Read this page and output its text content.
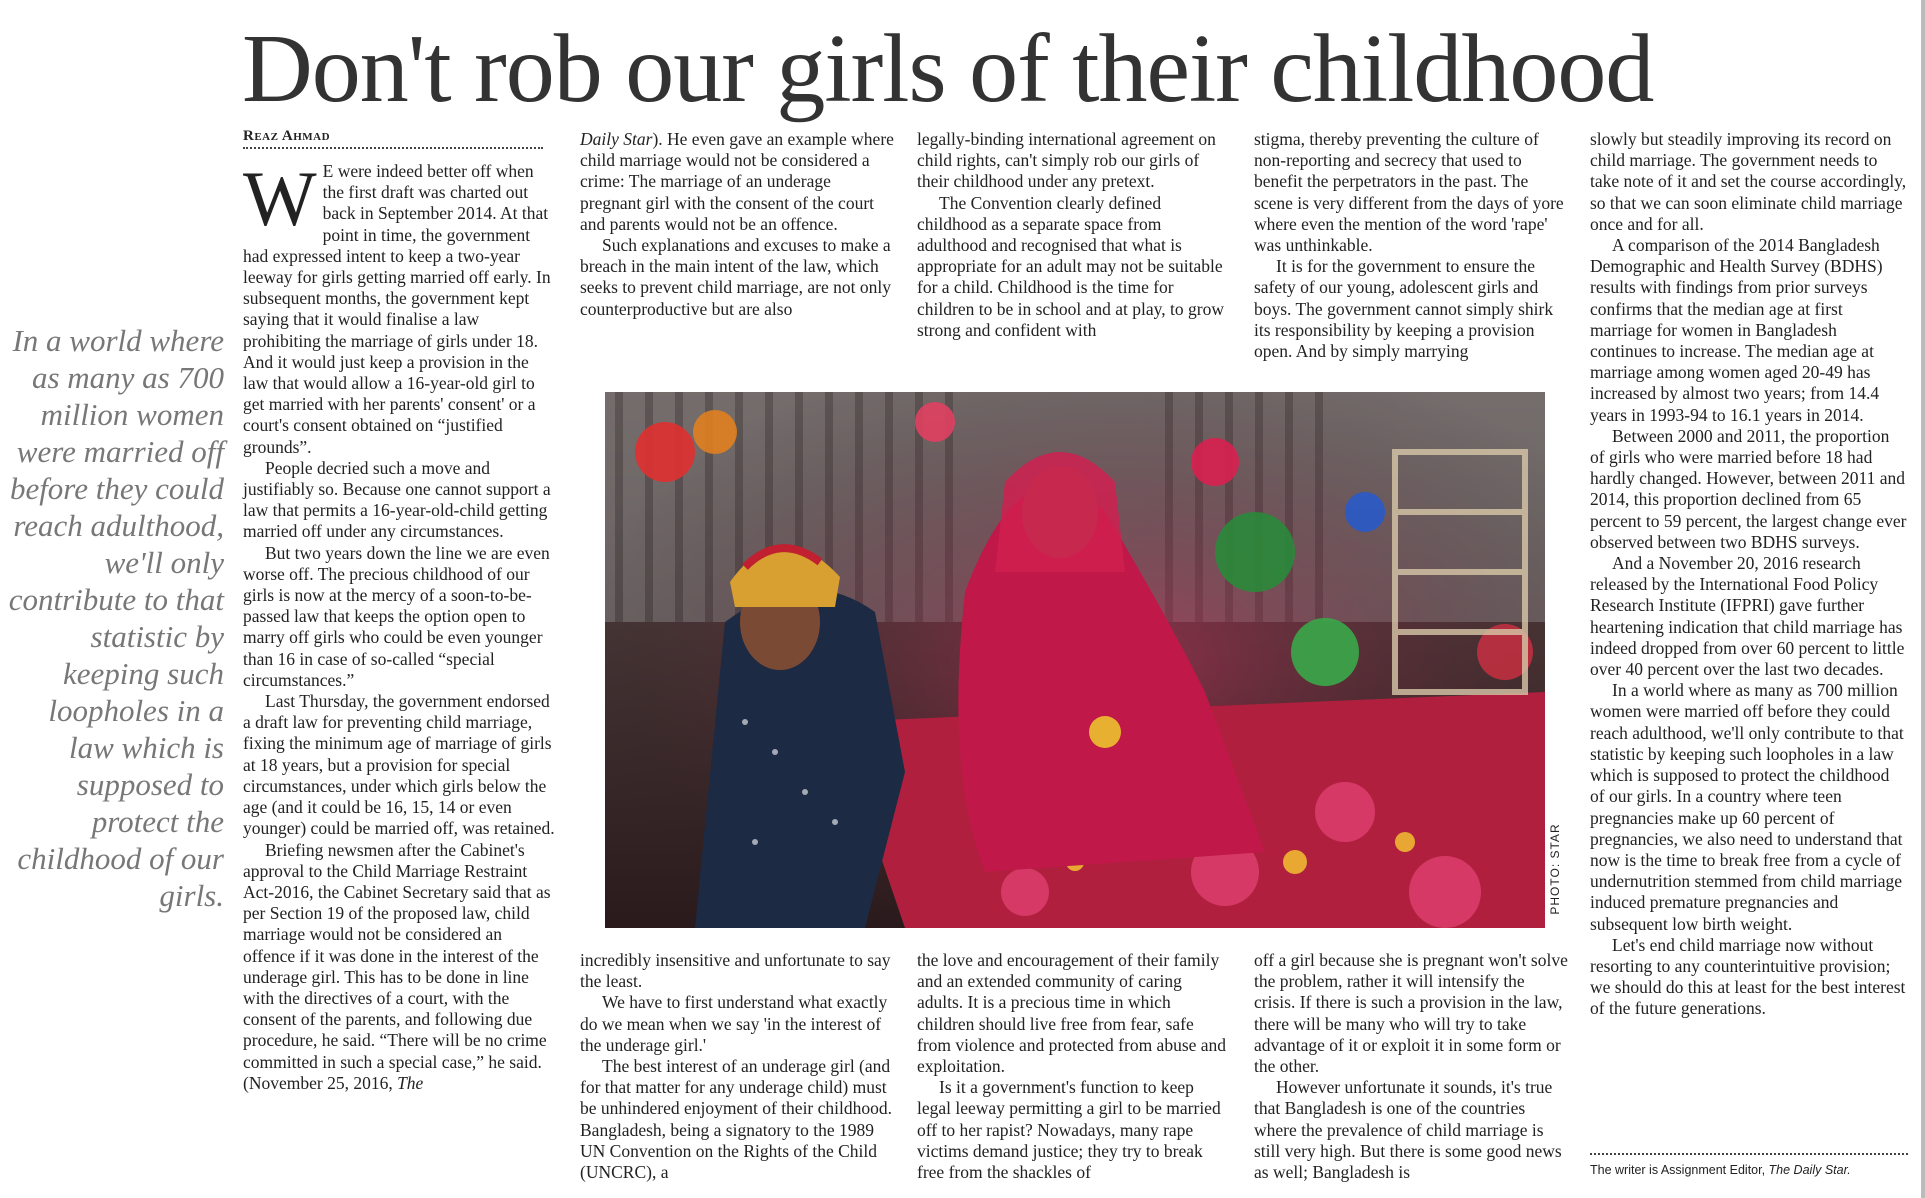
Don't rob our girls of their childhood
Reaz Ahmad
In a world where as many as 700 million women were married off before they could reach adulthood, we'll only contribute to that statistic by keeping such loopholes in a law which is supposed to protect the childhood of our girls.
W E were indeed better off when the first draft was charted out back in September 2014. At that point in time, the government had expressed intent to keep a two-year leeway for girls getting married off early. In subsequent months, the government kept saying that it would finalise a law prohibiting the marriage of girls under 18. And it would just keep a provision in the law that would allow a 16-year-old girl to get married with her parents' consent' or a court's consent obtained on “justified grounds”.

People decried such a move and justifiably so. Because one cannot support a law that permits a 16-year-old-child getting married off under any circumstances.

But two years down the line we are even worse off. The precious childhood of our girls is now at the mercy of a soon-to-be-passed law that keeps the option open to marry off girls who could be even younger than 16 in case of so-called “special circumstances.”

Last Thursday, the government endorsed a draft law for preventing child marriage, fixing the minimum age of marriage of girls at 18 years, but a provision for special circumstances, under which girls below the age (and it could be 16, 15, 14 or even younger) could be married off, was retained.

Briefing newsmen after the Cabinet's approval to the Child Marriage Restraint Act-2016, the Cabinet Secretary said that as per Section 19 of the proposed law, child marriage would not be considered an offence if it was done in the interest of the underage girl. This has to be done in line with the directives of a court, with the consent of the parents, and following due procedure, he said. “There will be no crime committed in such a special case,” he said. (November 25, 2016, The

Daily Star). He even gave an example where child marriage would not be considered a crime: The marriage of an underage pregnant girl with the consent of the court and parents would not be an offence.

Such explanations and excuses to make a breach in the main intent of the law, which seeks to prevent child marriage, are not only counterproductive but are also

legally-binding international agreement on child rights, can't simply rob our girls of their childhood under any pretext.

The Convention clearly defined childhood as a separate space from adulthood and recognised that what is appropriate for an adult may not be suitable for a child. Childhood is the time for children to be in school and at play, to grow strong and confident with

stigma, thereby preventing the culture of non-reporting and secrecy that used to benefit the perpetrators in the past. The scene is very different from the days of yore where even the mention of the word 'rape' was unthinkable.

It is for the government to ensure the safety of our young, adolescent girls and boys. The government cannot simply shirk its responsibility by keeping a provision open. And by simply marrying

slowly but steadily improving its record on child marriage. The government needs to take note of it and set the course accordingly, so that we can soon eliminate child marriage once and for all.

A comparison of the 2014 Bangladesh Demographic and Health Survey (BDHS) results with findings from prior surveys confirms that the median age at first marriage for women in Bangladesh continues to increase. The median age at marriage among women aged 20-49 has increased by almost two years; from 14.4 years in 1993-94 to 16.1 years in 2014.

Between 2000 and 2011, the proportion of girls who were married before 18 had hardly changed. However, between 2011 and 2014, this proportion declined from 65 percent to 59 percent, the largest change ever observed between two BDHS surveys.

And a November 20, 2016 research released by the International Food Policy Research Institute (IFPRI) gave further heartening indication that child marriage has indeed dropped from over 60 percent to little over 40 percent over the last two decades.

In a world where as many as 700 million women were married off before they could reach adulthood, we'll only contribute to that statistic by keeping such loopholes in a law which is supposed to protect the childhood of our girls. In a country where teen pregnancies make up 60 percent of pregnancies, we also need to understand that now is the time to break free from a cycle of undernutrition stemmed from child marriage induced premature pregnancies and subsequent low birth weight.

Let's end child marriage now without resorting to any counterintuitive provision; we should do this at least for the best interest of the future generations.

PHOTO: STAR

incredibly insensitive and unfortunate to say the least.

We have to first understand what exactly do we mean when we say 'in the interest of the underage girl.'

The best interest of an underage girl (and for that matter for any underage child) must be unhindered enjoyment of their childhood. Bangladesh, being a signatory to the 1989 UN Convention on the Rights of the Child (UNCRC), a

the love and encouragement of their family and an extended community of caring adults. It is a precious time in which children should live free from fear, safe from violence and protected from abuse and exploitation.

Is it a government's function to keep legal leeway permitting a girl to be married off to her rapist? Nowadays, many rape victims demand justice; they try to break free from the shackles of

off a girl because she is pregnant won't solve the problem, rather it will intensify the crisis. If there is such a provision in the law, there will be many who will try to take advantage of it or exploit it in some form or the other.

However unfortunate it sounds, it's true that Bangladesh is one of the countries where the prevalence of child marriage is still very high. But there is some good news as well; Bangladesh is	The writer is Assignment Editor, The Daily Star.
